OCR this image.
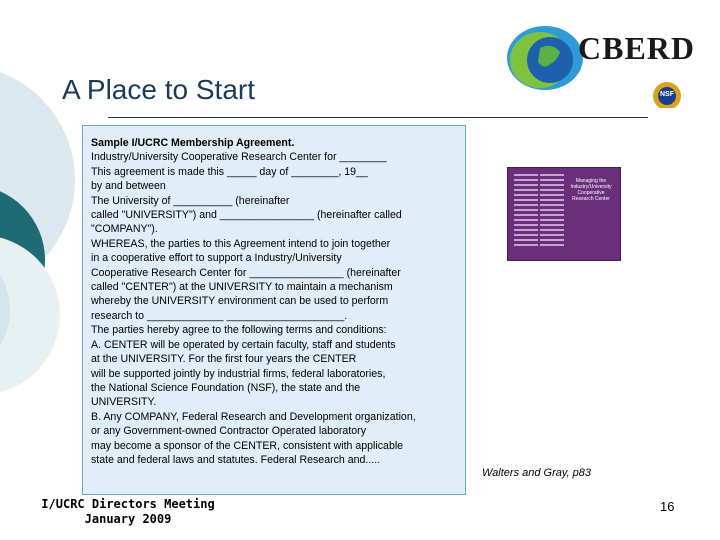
A Place to Start
CBERD
NSF
Sample I/UCRC Membership Agreement.
Industry/University Cooperative Research Center for ________
This agreement is made this _____ day of ________, 19__
by and between
The University of __________ (hereinafter
called "UNIVERSITY") and ________________ (hereinafter called
"COMPANY").
WHEREAS, the parties to this Agreement intend to join together
in a cooperative effort to support a Industry/University
Cooperative Research Center for ________________ (hereinafter
called "CENTER") at the UNIVERSITY to maintain a mechanism
whereby the UNIVERSITY environment can be used to perform
research to _____________ ____________________.
The parties hereby agree to the following terms and conditions:
A. CENTER will be operated by certain faculty, staff and students
at the UNIVERSITY. For the first four years the CENTER
will be supported jointly by industrial firms, federal laboratories,
the National Science Foundation (NSF), the state and the
UNIVERSITY.
B. Any COMPANY, Federal Research and Development organization,
or any Government-owned Contractor Operated laboratory
may become a sponsor of the CENTER, consistent with applicable
state and federal laws and statutes. Federal Research and.....
Managing the
Industry/University
Cooperative
Research Center
Walters and Gray, p83
I/UCRC Directors Meeting
January 2009
16
